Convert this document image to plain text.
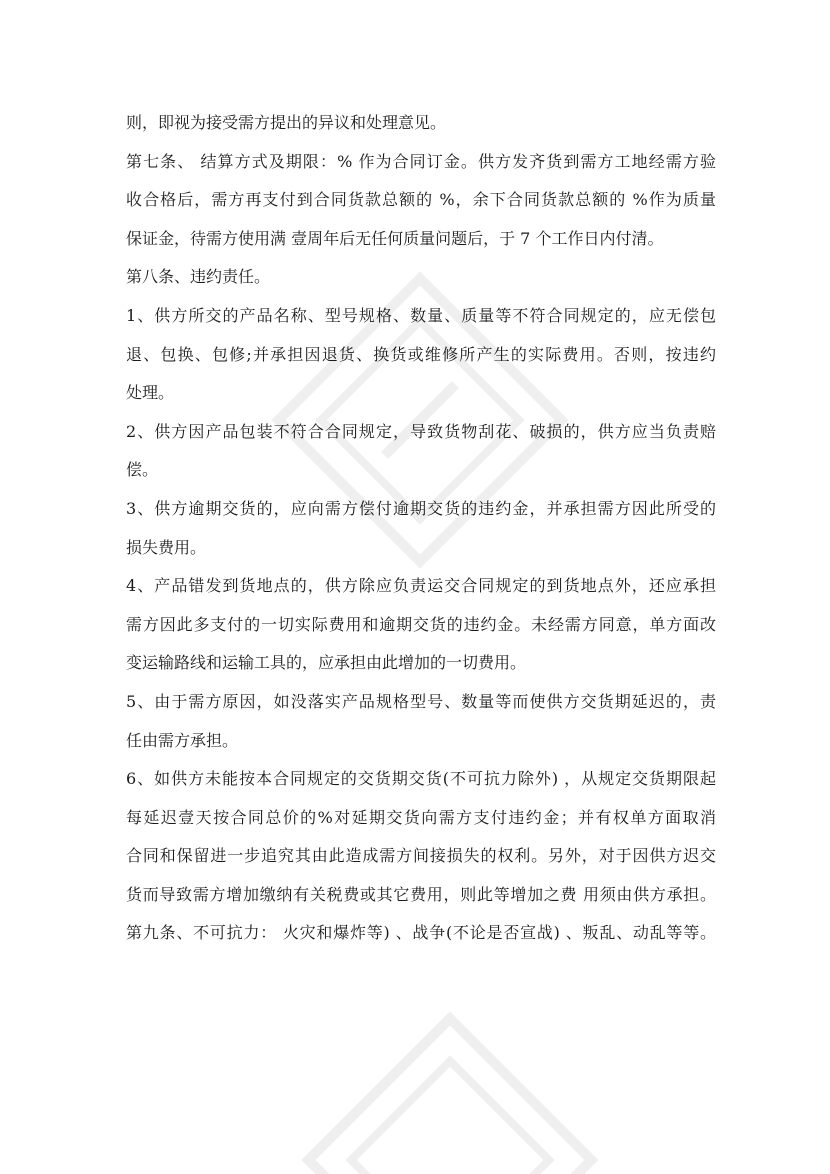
则，即视为接受需方提出的异议和处理意见。
第七条、 结算方式及期限：% 作为合同订金。供方发齐货到需方工地经需方验
收合格后，需方再支付到合同货款总额的 %，余下合同货款总额的 %作为质量
保证金，待需方使用满 壹周年后无任何质量问题后，于 7 个工作日内付清。
第八条、违约责任。
1、供方所交的产品名称、型号规格、数量、质量等不符合同规定的，应无偿包
退、包换、包修;并承担因退货、换货或维修所产生的实际费用。否则，按违约
处理。
2、供方因产品包装不符合合同规定，导致货物刮花、破损的，供方应当负责赔
偿。
3、供方逾期交货的，应向需方偿付逾期交货的违约金，并承担需方因此所受的
损失费用。
4、产品错发到货地点的，供方除应负责运交合同规定的到货地点外，还应承担
需方因此多支付的一切实际费用和逾期交货的违约金。未经需方同意，单方面改
变运输路线和运输工具的，应承担由此增加的一切费用。
5、由于需方原因，如没落实产品规格型号、数量等而使供方交货期延迟的，责
任由需方承担。
6、如供方未能按本合同规定的交货期交货(不可抗力除外) ，从规定交货期限起
每延迟壹天按合同总价的%对延期交货向需方支付违约金；并有权单方面取消
合同和保留进一步追究其由此造成需方间接损失的权利。另外，对于因供方迟交
货而导致需方增加缴纳有关税费或其它费用，则此等增加之费 用须由供方承担。
第九条、不可抗力： 火灾和爆炸等) 、战争(不论是否宣战) 、叛乱、动乱等等。
